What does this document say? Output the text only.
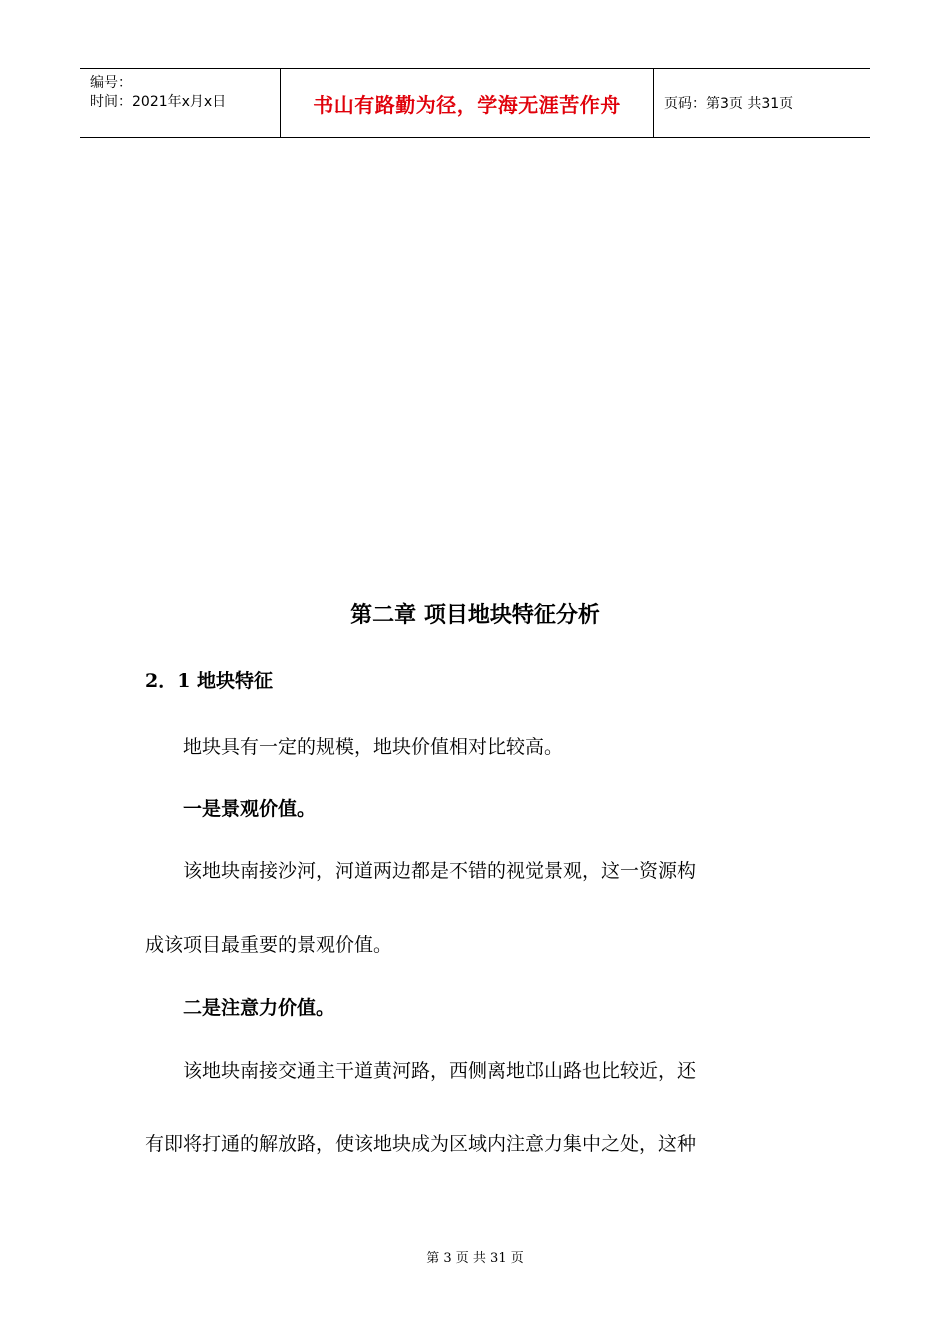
编号：
时间：2021年x月x日	书山有路勤为径，学海无涯苦作舟	页码：第3页 共31页
第二章 项目地块特征分析
2．1 地块特征
地块具有一定的规模，地块价值相对比较高。
一是景观价值。
该地块南接沙河，河道两边都是不错的视觉景观，这一资源构
成该项目最重要的景观价值。
二是注意力价值。
该地块南接交通主干道黄河路，西侧离地邙山路也比较近，还
有即将打通的解放路，使该地块成为区域内注意力集中之处，这种
第 3 页 共 31 页
